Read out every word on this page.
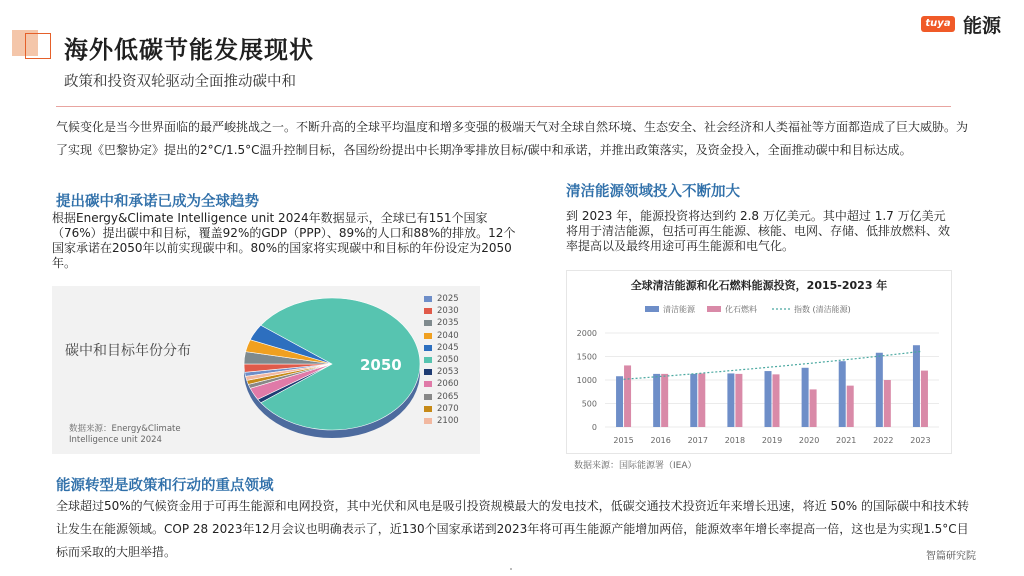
海外低碳节能发展现状
政策和投资双轮驱动全面推动碳中和
tuya 能源
气候变化是当今世界面临的最严峻挑战之一。不断升高的全球平均温度和增多变强的极端天气对全球自然环境、生态安全、社会经济和人类福祉等方面都造成了巨大威胁。为了实现《巴黎协定》提出的2°C/1.5°C温升控制目标，各国纷纷提出中长期净零排放目标/碳中和承诺，并推出政策落实，及资金投入，全面推动碳中和目标达成。
提出碳中和承诺已成为全球趋势
根据Energy&Climate Intelligence unit 2024年数据显示，全球已有151个国家（76%）提出碳中和目标，覆盖92%的GDP（PPP）、89%的人口和88%的排放。12个国家承诺在2050年以前实现碳中和。80%的国家将实现碳中和目标的年份设定为2050年。
清洁能源领域投入不断加大
到 2023 年，能源投资将达到约 2.8 万亿美元。其中超过 1.7 万亿美元将用于清洁能源，包括可再生能源、核能、电网、存储、低排放燃料、效率提高以及最终用途可再生能源和电气化。
碳中和目标年份分布
数据来源：Energy&Climate Intelligence unit 2024
2050
2025
2030
2035
2040
2045
2050
2053
2060
2065
2070
2100
全球清洁能源和化石燃料能源投资，2015-2023 年
清洁能源	化石燃料	指数 (清洁能源)
0
500
1000
1500
2000
2015 2016 2017 2018 2019 2020 2021 2022 2023
数据来源：国际能源署（IEA）
能源转型是政策和行动的重点领域
全球超过50%的气候资金用于可再生能源和电网投资，其中光伏和风电是吸引投资规模最大的发电技术，低碳交通技术投资近年来增长迅速，将近 50% 的国际碳中和技术转让发生在能源领域。COP 28 2023年12月会议也明确表示了，近130个国家承诺到2023年将可再生能源产能增加两倍，能源效率年增长率提高一倍，这也是为实现1.5°C目标而采取的大胆举措。	智篇研究院
